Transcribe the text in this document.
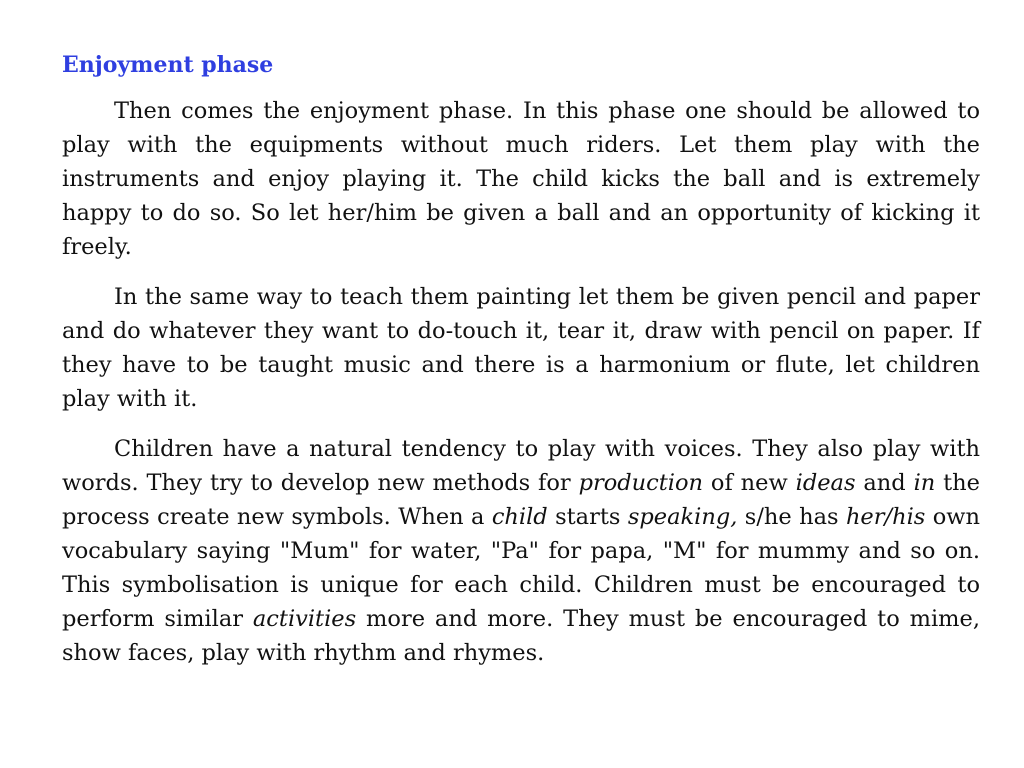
Enjoyment phase

Then comes the enjoyment phase. In this phase one should be allowed to play with the equipments without much riders. Let them play with the instruments and enjoy playing it. The child kicks the ball and is extremely happy to do so. So let her/him be given a ball and an opportunity of kicking it freely.

In the same way to teach them painting let them be given pencil and paper and do whatever they want to do-touch it, tear it, draw with pencil on paper. If they have to be taught music and there is a harmonium or flute, let children play with it.

Children have a natural tendency to play with voices. They also play with words. They try to develop new methods for production of new ideas and in the process create new symbols. When a child starts speaking, s/he has her/his own vocabulary saying "Mum" for water, "Pa" for papa, "M" for mummy and so on. This symbolisation is unique for each child. Children must be encouraged to perform similar activities more and more. They must be encouraged to mime, show faces, play with rhythm and rhymes.
